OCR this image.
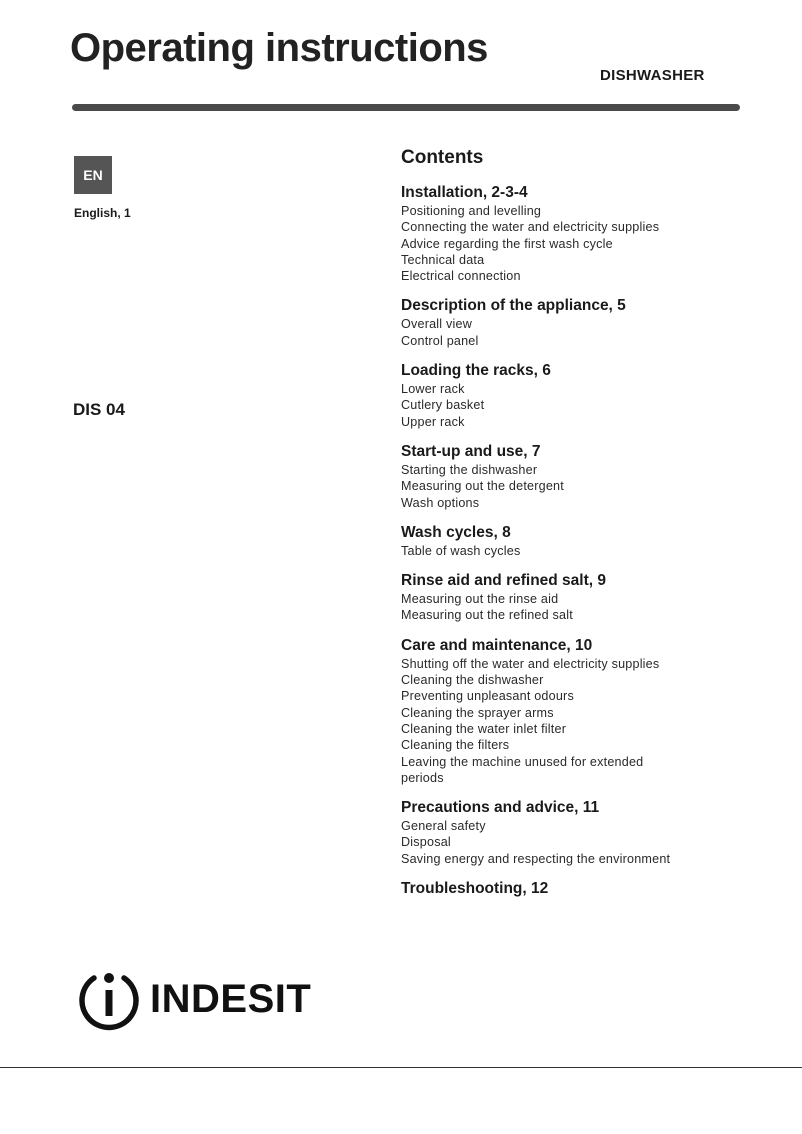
Operating instructions
DISHWASHER
EN
English, 1
DIS 04
Contents
Installation, 2-3-4
Positioning and levelling
Connecting the water and electricity supplies
Advice regarding the first wash cycle
Technical data
Electrical connection
Description of the appliance, 5
Overall view
Control panel
Loading the racks, 6
Lower rack
Cutlery basket
Upper rack
Start-up and use, 7
Starting the dishwasher
Measuring out the detergent
Wash options
Wash cycles, 8
Table of wash cycles
Rinse aid and refined salt, 9
Measuring out the rinse aid
Measuring out the refined salt
Care and maintenance, 10
Shutting off the water and electricity supplies
Cleaning the dishwasher
Preventing unpleasant odours
Cleaning the sprayer arms
Cleaning the water inlet filter
Cleaning the filters
Leaving the machine unused for extended
periods
Precautions and advice, 11
General safety
Disposal
Saving energy and respecting the environment
Troubleshooting, 12
INDESIT
